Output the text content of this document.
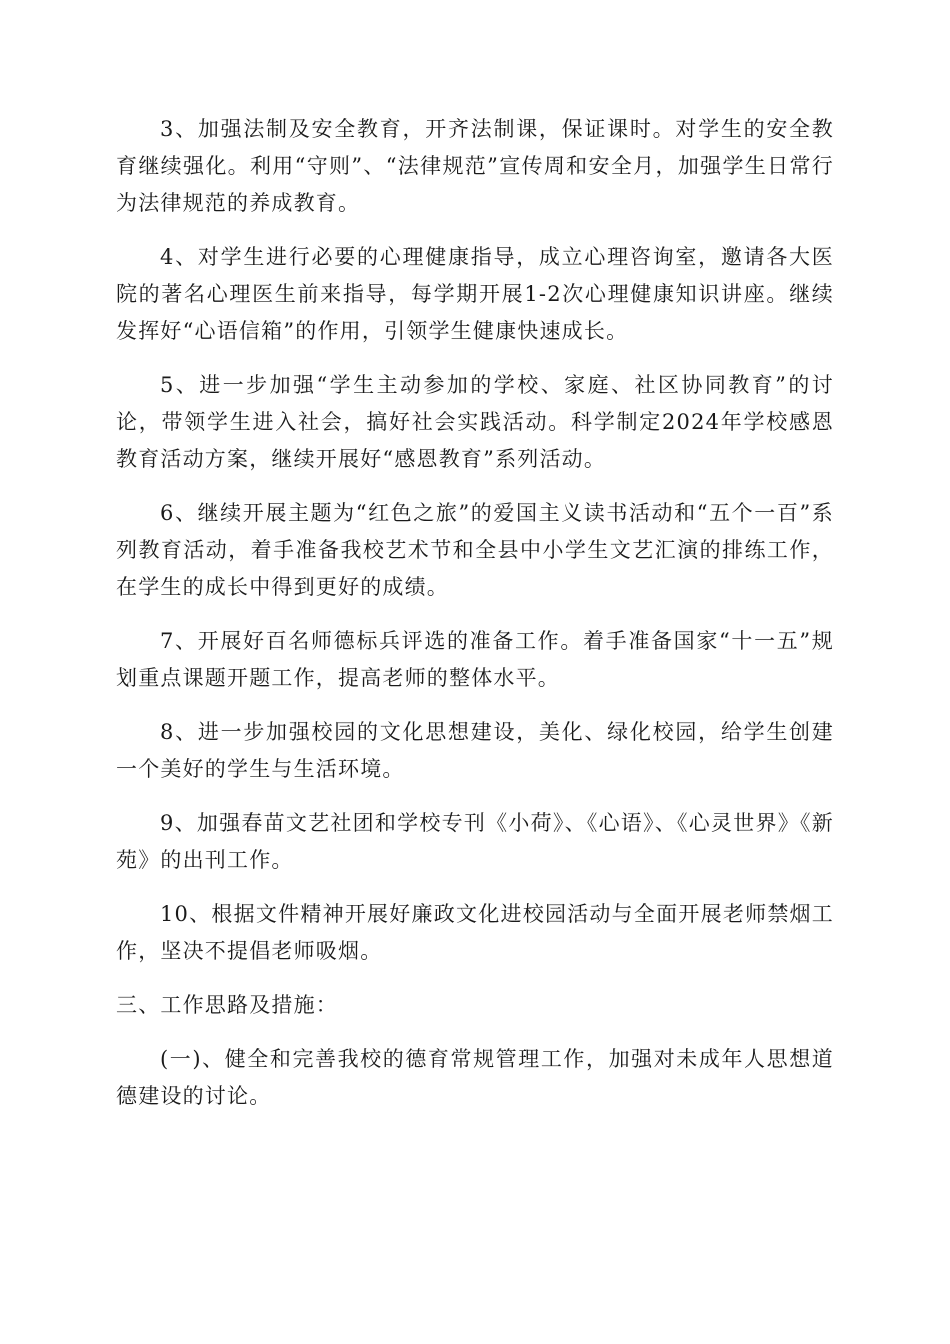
3、加强法制及安全教育，开齐法制课，保证课时。对学生的安全教育继续强化。利用“守则”、“法律规范”宣传周和安全月，加强学生日常行为法律规范的养成教育。

4、对学生进行必要的心理健康指导，成立心理咨询室，邀请各大医院的著名心理医生前来指导，每学期开展1-2次心理健康知识讲座。继续发挥好“心语信箱”的作用，引领学生健康快速成长。

5、进一步加强“学生主动参加的学校、家庭、社区协同教育”的讨论，带领学生进入社会，搞好社会实践活动。科学制定2024年学校感恩教育活动方案，继续开展好“感恩教育”系列活动。

6、继续开展主题为“红色之旅”的爱国主义读书活动和“五个一百”系列教育活动，着手准备我校艺术节和全县中小学生文艺汇演的排练工作，在学生的成长中得到更好的成绩。

7、开展好百名师德标兵评选的准备工作。着手准备国家“十一五”规划重点课题开题工作，提高老师的整体水平。

8、进一步加强校园的文化思想建设，美化、绿化校园，给学生创建一个美好的学生与生活环境。

9、加强春苗文艺社团和学校专刊《小荷》、《心语》、《心灵世界》《新苑》的出刊工作。

10、根据文件精神开展好廉政文化进校园活动与全面开展老师禁烟工作，坚决不提倡老师吸烟。

三、工作思路及措施：

(一)、健全和完善我校的德育常规管理工作，加强对未成年人思想道德建设的讨论。
